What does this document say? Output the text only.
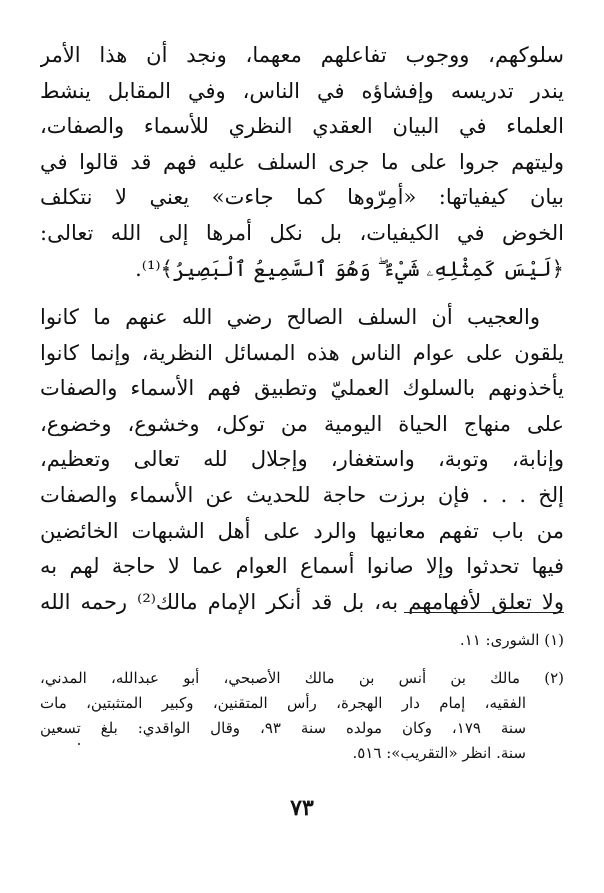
سلوكهم، ووجوب تفاعلهم معهما، ونجد أن هذا الأمر
يندر تدريسه وإفشاؤه في الناس، وفي المقابل ينشط
العلماء في البيان العقدي النظري للأسماء والصفات،
وليتهم جروا على ما جرى السلف عليه فهم قد قالوا في
بيان كيفياتها: «أمِرّوها كما جاءت» يعني لا نتكلف
الخوض في الكيفيات، بل نكل أمرها إلى الله تعالى:
﴿لَيْسَ كَمِثْلِهِۦ شَيْءٌ ۖ وَهُوَ ٱلسَّمِيعُ ٱلْبَصِيرُ﴾⁽¹⁾.
والعجيب أن السلف الصالح رضي الله عنهم ما كانوا
يلقون على عوام الناس هذه المسائل النظرية، وإنما كانوا
يأخذونهم بالسلوك العمليّ وتطبيق فهم الأسماء والصفات
على منهاج الحياة اليومية من توكل، وخشوع، وخضوع،
وإنابة، وتوبة، واستغفار، وإجلال لله تعالى وتعظيم،
إلخ . . . فإن برزت حاجة للحديث عن الأسماء والصفات
من باب تفهم معانيها والرد على أهل الشبهات الخائضين
فيها تحدثوا وإلا صانوا أسماع العوام عما لا حاجة لهم به
ولا تعلق لأفهامهم به، بل قد أنكر الإمام مالك⁽²⁾ رحمه الله
(١) الشورى: ١١.
(٢) مالك بن أنس بن مالك الأصبحي، أبو عبدالله، المدني،
الفقيه، إمام دار الهجرة، رأس المتقنين، وكبير المتثبتين، مات
سنة ١٧٩، وكان مولده سنة ٩٣، وقال الواقدي: بلغ تسعين
سنة. انظر «التقريب»: ٥١٦.
٧٣
